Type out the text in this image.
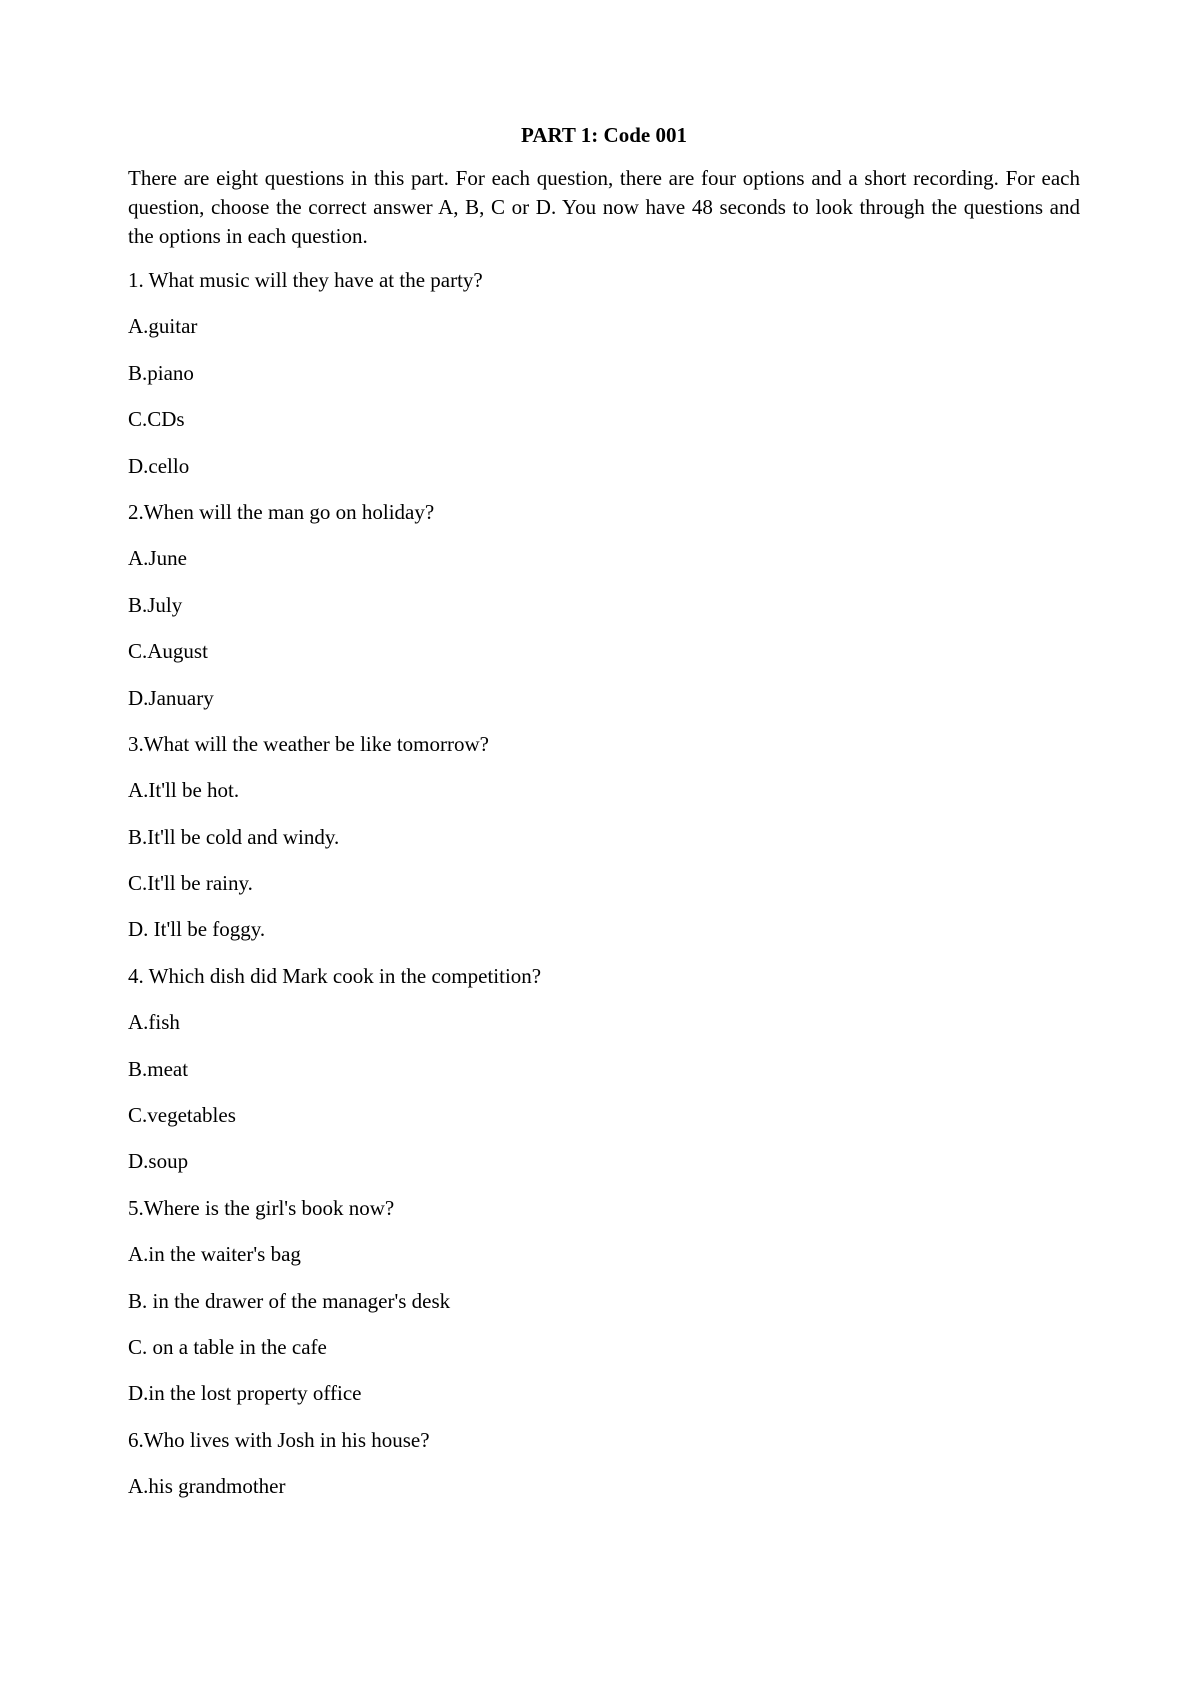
PART 1: Code 001

There are eight questions in this part. For each question, there are four options and a short recording. For each question, choose the correct answer A, B, C or D. You now have 48 seconds to look through the questions and the options in each question.

1. What music will they have at the party?
A.guitar
B.piano
C.CDs
D.cello
2.When will the man go on holiday?
A.June
B.July
C.August
D.January
3.What will the weather be like tomorrow?
A.It'll be hot.
B.It'll be cold and windy.
C.It'll be rainy.
D. It'll be foggy.
4. Which dish did Mark cook in the competition?
A.fish
B.meat
C.vegetables
D.soup
5.Where is the girl's book now?
A.in the waiter's bag
B. in the drawer of the manager's desk
C. on a table in the cafe
D.in the lost property office
6.Who lives with Josh in his house?
A.his grandmother
